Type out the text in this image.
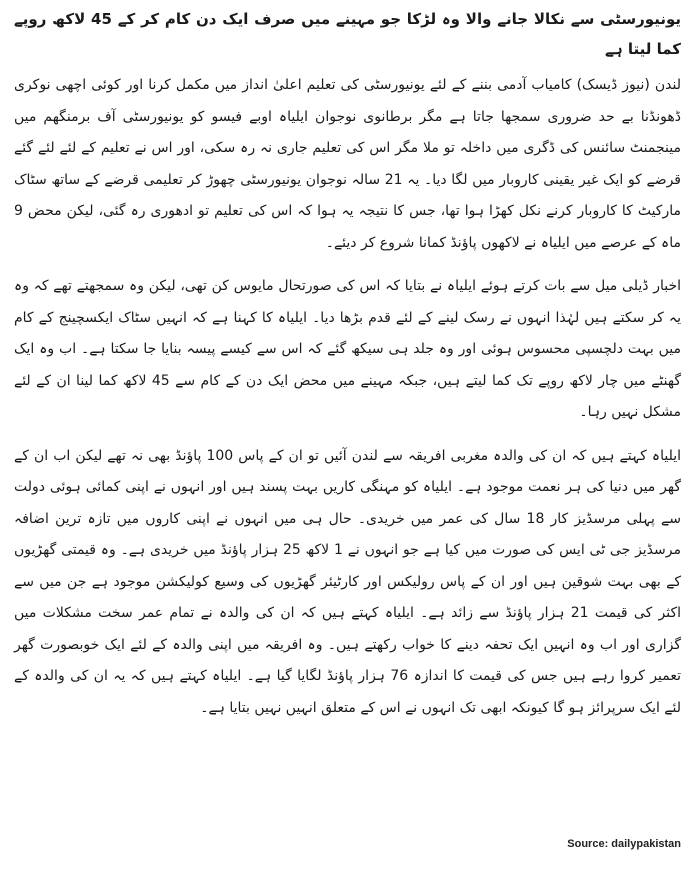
یونیورسٹی سے نکالا جانے والا وہ لڑکا جو مہینے میں صرف ایک دن کام کر کے 45 لاکھ روپے کما لیتا ہے
لندن (نیوز ڈیسک) کامیاب آدمی بننے کے لئے یونیورسٹی کی تعلیم اعلیٰ انداز میں مکمل کرنا اور کوئی اچھی نوکری ڈھونڈنا بے حد ضروری سمجھا جاتا ہے مگر برطانوی نوجوان ایلیاہ اوبے فیسو کو یونیورسٹی آف برمنگھم میں مینجمنٹ سائنس کی ڈگری میں داخلہ تو ملا مگر اس کی تعلیم جاری نہ رہ سکی، اور اس نے تعلیم کے لئے لئے گئے قرضے کو ایک غیر یقینی کاروبار میں لگا دیا۔ یہ 21 سالہ نوجوان یونیورسٹی چھوڑ کر تعلیمی قرضے کے ساتھ سٹاک مارکیٹ کا کاروبار کرنے نکل کھڑا ہوا تھا، جس کا نتیجہ یہ ہوا کہ اس کی تعلیم تو ادھوری رہ گئی، لیکن محض 9 ماہ کے عرصے میں ایلیاہ نے لاکھوں پاؤنڈ کمانا شروع کر دیئے۔
اخبار ڈیلی میل سے بات کرتے ہوئے ایلیاہ نے بتایا کہ اس کی صورتحال مایوس کن تھی، لیکن وہ سمجھتے تھے کہ وہ یہ کر سکتے ہیں لہٰذا انہوں نے رسک لینے کے لئے قدم بڑھا دیا۔ ایلیاہ کا کہنا ہے کہ انہیں سٹاک ایکسچینج کے کام میں بہت دلچسپی محسوس ہوئی اور وہ جلد ہی سیکھ گئے کہ اس سے کیسے پیسہ بنایا جا سکتا ہے۔ اب وہ ایک گھنٹے میں چار لاکھ روپے تک کما لیتے ہیں، جبکہ مہینے میں محض ایک دن کے کام سے 45 لاکھ کما لینا ان کے لئے مشکل نہیں رہا۔
ایلیاہ کہتے ہیں کہ ان کی والدہ مغربی افریقہ سے لندن آئیں تو ان کے پاس 100 پاؤنڈ بھی نہ تھے لیکن اب ان کے گھر میں دنیا کی ہر نعمت موجود ہے۔ ایلیاہ کو مہنگی کاریں بہت پسند ہیں اور انہوں نے اپنی کمائی ہوئی دولت سے پہلی مرسڈیز کار 18 سال کی عمر میں خریدی۔ حال ہی میں انہوں نے اپنی کاروں میں تازہ ترین اضافہ مرسڈیز جی ٹی ایس کی صورت میں کیا ہے جو انہوں نے 1 لاکھ 25 ہزار پاؤنڈ میں خریدی ہے۔ وہ قیمتی گھڑیوں کے بھی بہت شوقین ہیں اور ان کے پاس رولیکس اور کارٹیئر گھڑیوں کی وسیع کولیکشن موجود ہے جن میں سے اکثر کی قیمت 21 ہزار پاؤنڈ سے زائد ہے۔ ایلیاہ کہتے ہیں کہ ان کی والدہ نے تمام عمر سخت مشکلات میں گزاری اور اب وہ انہیں ایک تحفہ دینے کا خواب رکھتے ہیں۔ وہ افریقہ میں اپنی والدہ کے لئے ایک خوبصورت گھر تعمیر کروا رہے ہیں جس کی قیمت کا اندازہ 76 ہزار پاؤنڈ لگایا گیا ہے۔ ایلیاہ کہتے ہیں کہ یہ ان کی والدہ کے لئے ایک سرپرائز ہو گا کیونکہ ابھی تک انہوں نے اس کے متعلق انہیں نہیں بتایا ہے۔
Source: dailypakistan
